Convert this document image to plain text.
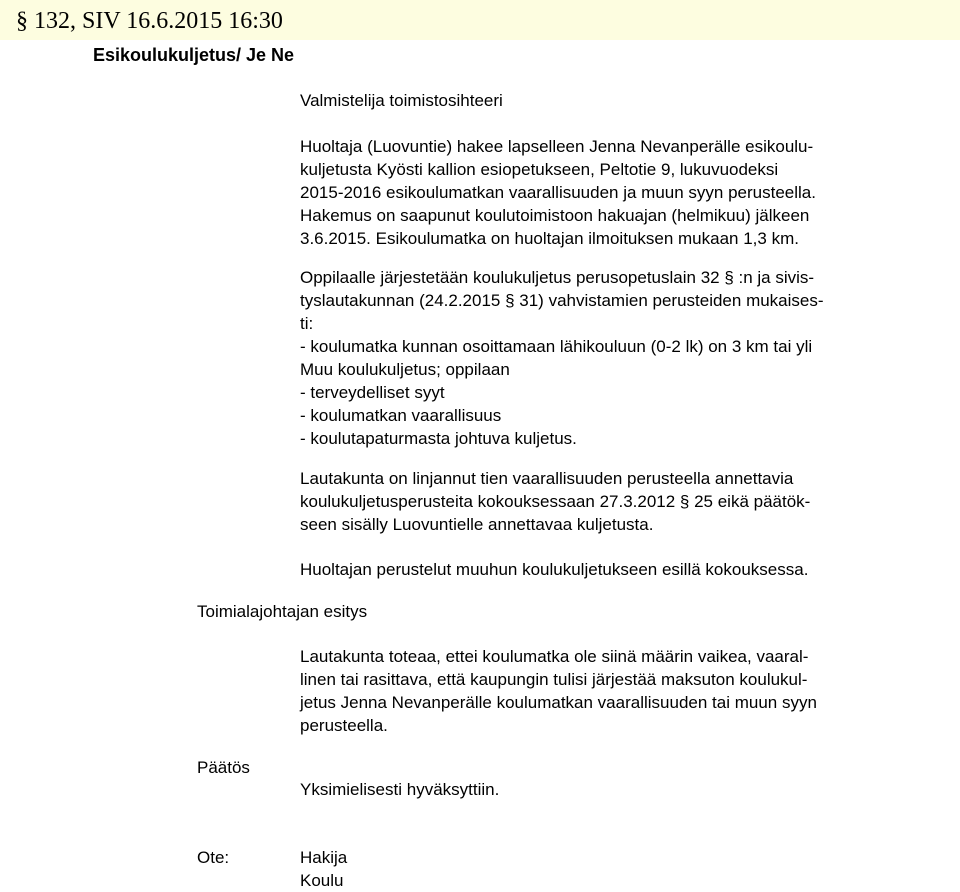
§ 132, SIV 16.6.2015 16:30
Esikoulukuljetus/ Je Ne
Valmistelija toimistosihteeri
Huoltaja (Luovuntie) hakee lapselleen Jenna Nevanperälle esikoulu-
kuljetusta Kyösti kallion esiopetukseen, Peltotie 9, lukuvuodeksi
2015-2016 esikoulumatkan vaarallisuuden ja muun syyn perusteella.
Hakemus on saapunut koulutoimistoon hakuajan (helmikuu) jälkeen
3.6.2015. Esikoulumatka on huoltajan ilmoituksen mukaan 1,3 km.
Oppilaalle järjestetään koulukuljetus perusopetuslain 32 § :n ja sivis-
tyslautakunnan (24.2.2015 § 31) vahvistamien perusteiden mukaises-
ti:
- koulumatka kunnan osoittamaan lähikouluun (0-2 lk) on 3 km tai yli
Muu koulukuljetus; oppilaan
- terveydelliset syyt
- koulumatkan vaarallisuus
- koulutapaturmasta johtuva kuljetus.
Lautakunta on linjannut tien vaarallisuuden perusteella annettavia
koulukuljetusperusteita kokouksessaan 27.3.2012 § 25 eikä päätök-
seen sisälly Luovuntielle annettavaa kuljetusta.
Huoltajan perustelut muuhun koulukuljetukseen esillä kokouksessa.
Toimialajohtajan esitys
Lautakunta toteaa, ettei koulumatka ole siinä määrin vaikea, vaaral-
linen tai rasittava, että kaupungin tulisi järjestää maksuton koulukul-
jetus Jenna Nevanperälle koulumatkan vaarallisuuden tai muun syyn
perusteella.
Päätös
Yksimielisesti hyväksyttiin.
Ote:	Hakija
Koulu
